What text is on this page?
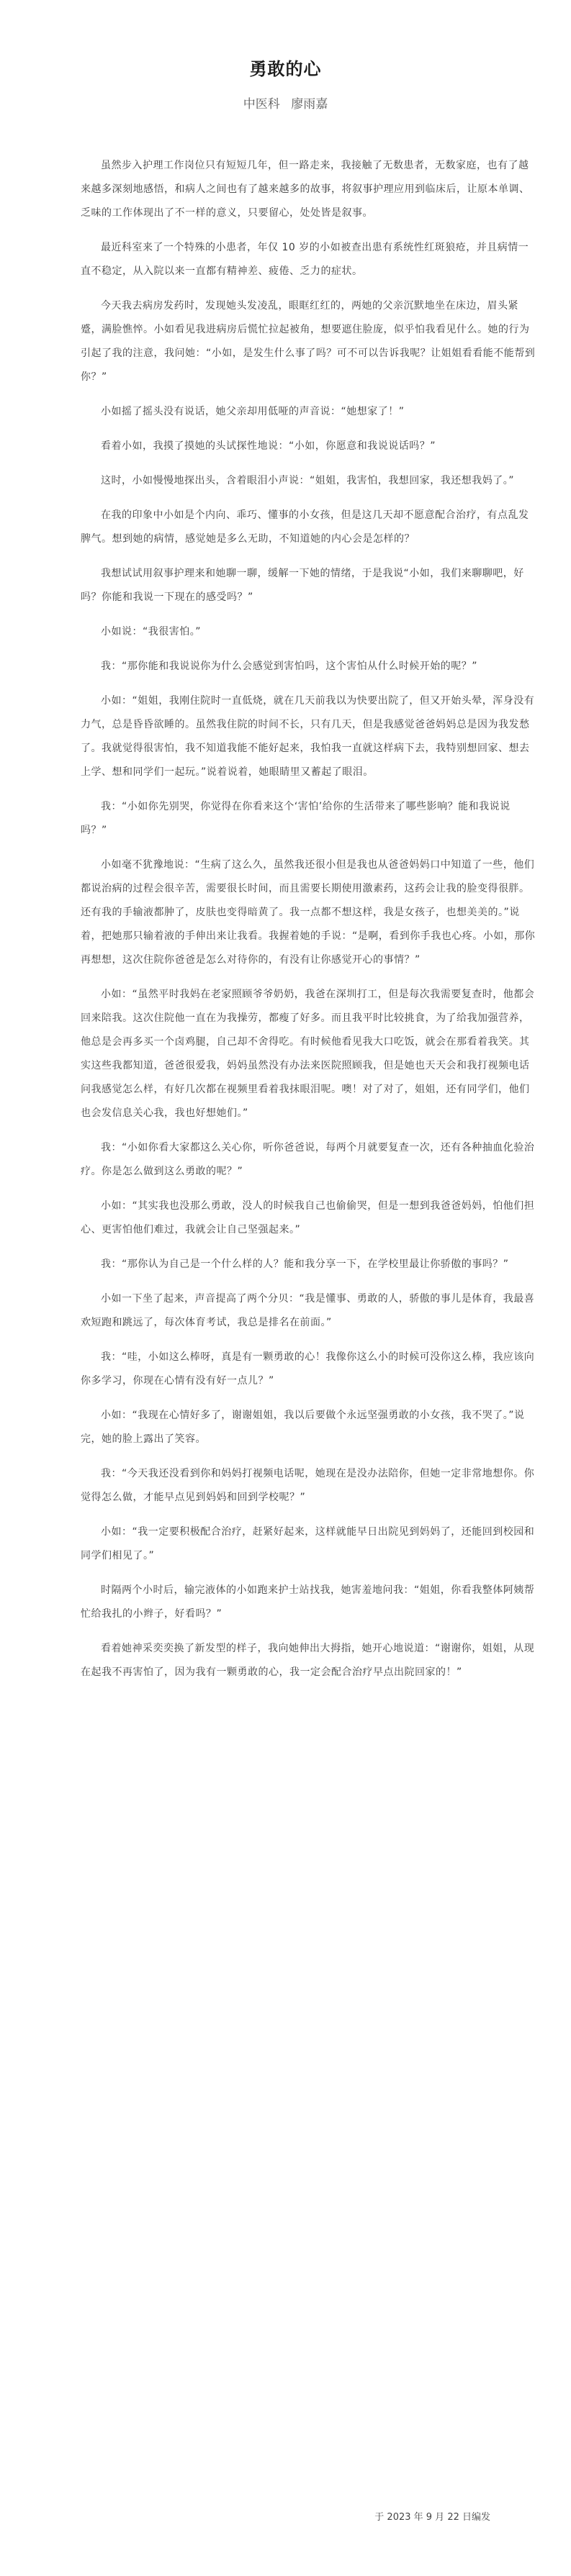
勇敢的心
中医科 廖雨嘉

虽然步入护理工作岗位只有短短几年，但一路走来，我接触了无数患者，无数家庭，也有了越来越多深刻地感悟，和病人之间也有了越来越多的故事，将叙事护理应用到临床后，让原本单调、乏味的工作体现出了不一样的意义，只要留心，处处皆是叙事。

最近科室来了一个特殊的小患者，年仅 10 岁的小如被查出患有系统性红斑狼疮，并且病情一直不稳定，从入院以来一直都有精神差、疲倦、乏力的症状。

今天我去病房发药时，发现她头发凌乱，眼眶红红的，两她的父亲沉默地坐在床边，眉头紧蹙，满脸憔悴。小如看见我进病房后慌忙拉起被角，想要遮住脸庞，似乎怕我看见什么。她的行为引起了我的注意，我问她：“小如，是发生什么事了吗？可不可以告诉我呢？让姐姐看看能不能帮到你？”

小如摇了摇头没有说话，她父亲却用低哑的声音说：“她想家了！”

看着小如，我摸了摸她的头试探性地说：“小如，你愿意和我说说话吗？”

这时，小如慢慢地探出头，含着眼泪小声说：“姐姐，我害怕，我想回家，我还想我妈了。”

在我的印象中小如是个内向、乖巧、懂事的小女孩，但是这几天却不愿意配合治疗，有点乱发脾气。想到她的病情，感觉她是多么无助，不知道她的内心会是怎样的？

我想试试用叙事护理来和她聊一聊，缓解一下她的情绪，于是我说“小如，我们来聊聊吧，好吗？你能和我说一下现在的感受吗？”

小如说：“我很害怕。”

我：“那你能和我说说你为什么会感觉到害怕吗，这个害怕从什么时候开始的呢？”

小如：“姐姐，我刚住院时一直低烧，就在几天前我以为快要出院了，但又开始头晕，浑身没有力气，总是昏昏欲睡的。虽然我住院的时间不长，只有几天，但是我感觉爸爸妈妈总是因为我发愁了。我就觉得很害怕，我不知道我能不能好起来，我怕我一直就这样病下去，我特别想回家、想去上学、想和同学们一起玩。”说着说着，她眼睛里又蓄起了眼泪。

我：“小如你先别哭，你觉得在你看来这个‘害怕’给你的生活带来了哪些影响？能和我说说吗？”

小如毫不犹豫地说：“生病了这么久，虽然我还很小但是我也从爸爸妈妈口中知道了一些，他们都说治病的过程会很辛苦，需要很长时间，而且需要长期使用激素药，这药会让我的脸变得很胖。还有我的手输液都肿了，皮肤也变得暗黄了。我一点都不想这样，我是女孩子，也想美美的。”说着，把她那只输着液的手伸出来让我看。我握着她的手说：“是啊，看到你手我也心疼。小如，那你再想想，这次住院你爸爸是怎么对待你的，有没有让你感觉开心的事情？”

小如：“虽然平时我妈在老家照顾爷爷奶奶，我爸在深圳打工，但是每次我需要复查时，他都会回来陪我。这次住院他一直在为我操劳，都瘦了好多。而且我平时比较挑食，为了给我加强营养，他总是会再多买一个卤鸡腿，自己却不舍得吃。有时候他看见我大口吃饭，就会在那看着我笑。其实这些我都知道，爸爸很爱我，妈妈虽然没有办法来医院照顾我，但是她也天天会和我打视频电话问我感觉怎么样，有好几次都在视频里看着我抹眼泪呢。噢！对了对了，姐姐，还有同学们，他们也会发信息关心我，我也好想她们。”

我：“小如你看大家都这么关心你，听你爸爸说，每两个月就要复查一次，还有各种抽血化验治疗。你是怎么做到这么勇敢的呢？”

小如：“其实我也没那么勇敢，没人的时候我自己也偷偷哭，但是一想到我爸爸妈妈，怕他们担心、更害怕他们难过，我就会让自己坚强起来。”

我：“那你认为自己是一个什么样的人？能和我分享一下，在学校里最让你骄傲的事吗？”

小如一下坐了起来，声音提高了两个分贝：“我是懂事、勇敢的人，骄傲的事儿是体育，我最喜欢短跑和跳远了，每次体育考试，我总是排名在前面。”

我：“哇，小如这么棒呀，真是有一颗勇敢的心！我像你这么小的时候可没你这么棒，我应该向你多学习，你现在心情有没有好一点儿？”

小如：“我现在心情好多了，谢谢姐姐，我以后要做个永远坚强勇敢的小女孩，我不哭了。”说完，她的脸上露出了笑容。

我：“今天我还没看到你和妈妈打视频电话呢，她现在是没办法陪你，但她一定非常地想你。你觉得怎么做，才能早点见到妈妈和回到学校呢？”

小如：“我一定要积极配合治疗，赶紧好起来，这样就能早日出院见到妈妈了，还能回到校园和同学们相见了。”

时隔两个小时后，输完液体的小如跑来护士站找我，她害羞地问我：“姐姐，你看我整体阿姨帮忙给我扎的小辫子，好看吗？”

看着她神采奕奕换了新发型的样子，我向她伸出大拇指，她开心地说道：“谢谢你，姐姐，从现在起我不再害怕了，因为我有一颗勇敢的心，我一定会配合治疗早点出院回家的！”

于 2023 年 9 月 22 日编发
